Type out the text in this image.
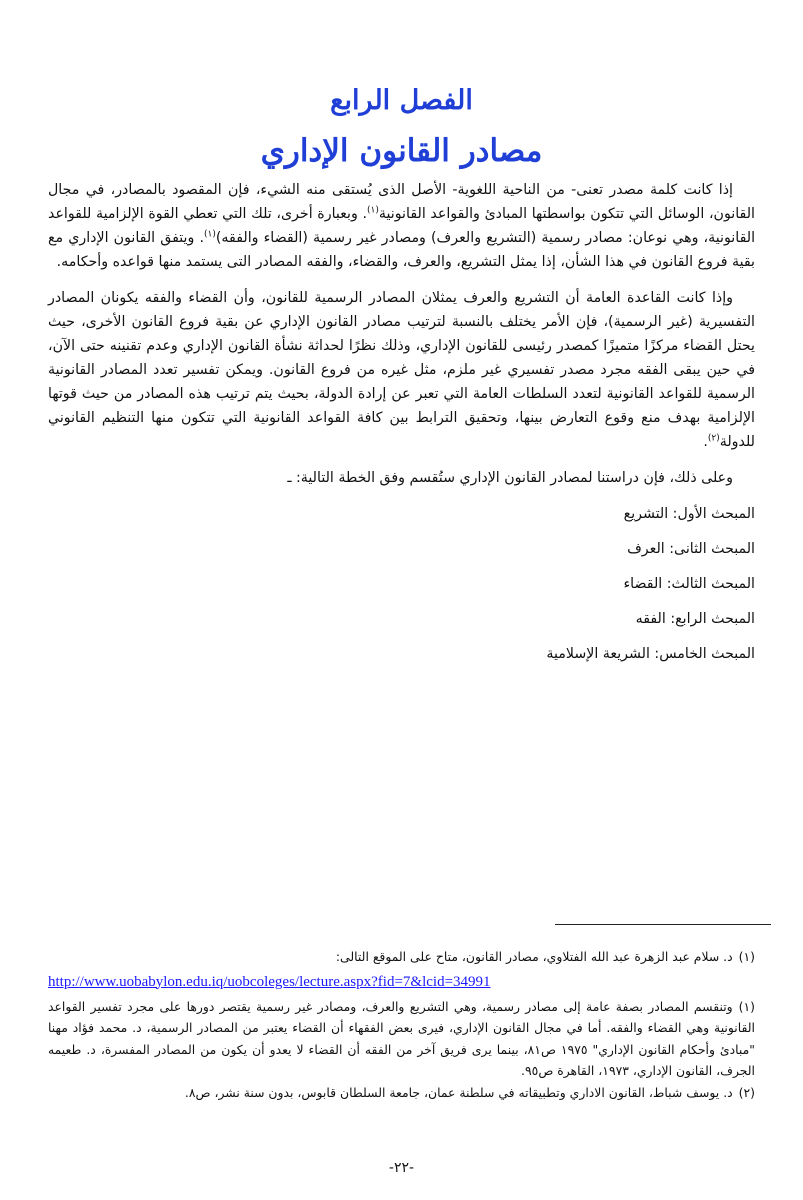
الفصل الرابع
مصادر القانون الإداري

إذا كانت كلمة مصدر تعنى- من الناحية اللغوية- الأصل الذى يُستقى منه الشيء، فإن المقصود بالمصادر، في مجال القانون، الوسائل التي تتكون بواسطتها المبادئ والقواعد القانونية$^{(١)}$. وبعبارة أخرى، تلك التي تعطي القوة الإلزامية للقواعد القانونية، وهي نوعان: مصادر رسمية (التشريع والعرف) ومصادر غير رسمية (القضاء والفقه)$^{(١)}$. ويتفق القانون الإداري مع بقية فروع القانون في هذا الشأن، إذا يمثل التشريع، والعرف، والقضاء، والفقه المصادر التى يستمد منها قواعده وأحكامه.

وإذا كانت القاعدة العامة أن التشريع والعرف يمثلان المصادر الرسمية للقانون، وأن القضاء والفقه يكونان المصادر التفسيرية (غير الرسمية)، فإن الأمر يختلف بالنسبة لترتيب مصادر القانون الإداري عن بقية فروع القانون الأخرى، حيث يحتل القضاء مركزًا متميزًا كمصدر رئيسى للقانون الإداري، وذلك نظرًا لحداثة نشأة القانون الإداري وعدم تقنينه حتى الآن، في حين يبقى الفقه مجرد مصدر تفسيري غير ملزم، مثل غيره من فروع القانون. ويمكن تفسير تعدد المصادر القانونية الرسمية للقواعد القانونية لتعدد السلطات العامة التي تعبر عن إرادة الدولة، بحيث يتم ترتيب هذه المصادر من حيث قوتها الإلزامية بهدف منع وقوع التعارض بينها، وتحقيق الترابط بين كافة القواعد القانونية التي تتكون منها التنظيم القانوني للدولة$^{(٢)}$.

وعلى ذلك، فإن دراستنا لمصادر القانون الإداري ستُقسم وفق الخطة التالية: ـ

المبحث الأول: التشريع
المبحث الثانى: العرف
المبحث الثالث: القضاء
المبحث الرابع: الفقه
المبحث الخامس: الشريعة الإسلامية

(١)د. سلام عبد الزهرة عبد الله الفتلاوي، مصادر القانون، متاح على الموقع التالى:

http://www.uobabylon.edu.iq/uobcoleges/lecture.aspx?fid=7&lcid=34991

(١)وتنقسم المصادر بصفة عامة إلى مصادر رسمية، وهي التشريع والعرف، ومصادر غير رسمية يقتصر دورها على مجرد تفسير القواعد القانونية وهي القضاء والفقه. أما في مجال القانون الإداري، فيرى بعض الفقهاء أن القضاء يعتبر من المصادر الرسمية، د. محمد فؤاد مهنا "مبادئ وأحكام القانون الإداري" ١٩٧٥ ص٨١، بينما يرى فريق آخر من الفقه أن القضاء لا يعدو أن يكون من المصادر المفسرة، د. طعيمه الجرف، القانون الإداري، ١٩٧٣، القاهرة ص٩٥.

(٢)د. يوسف شباط، القانون الاداري وتطبيقاته في سلطنة عمان، جامعة السلطان قابوس، بدون سنة نشر، ص٨.

-٢٢-
